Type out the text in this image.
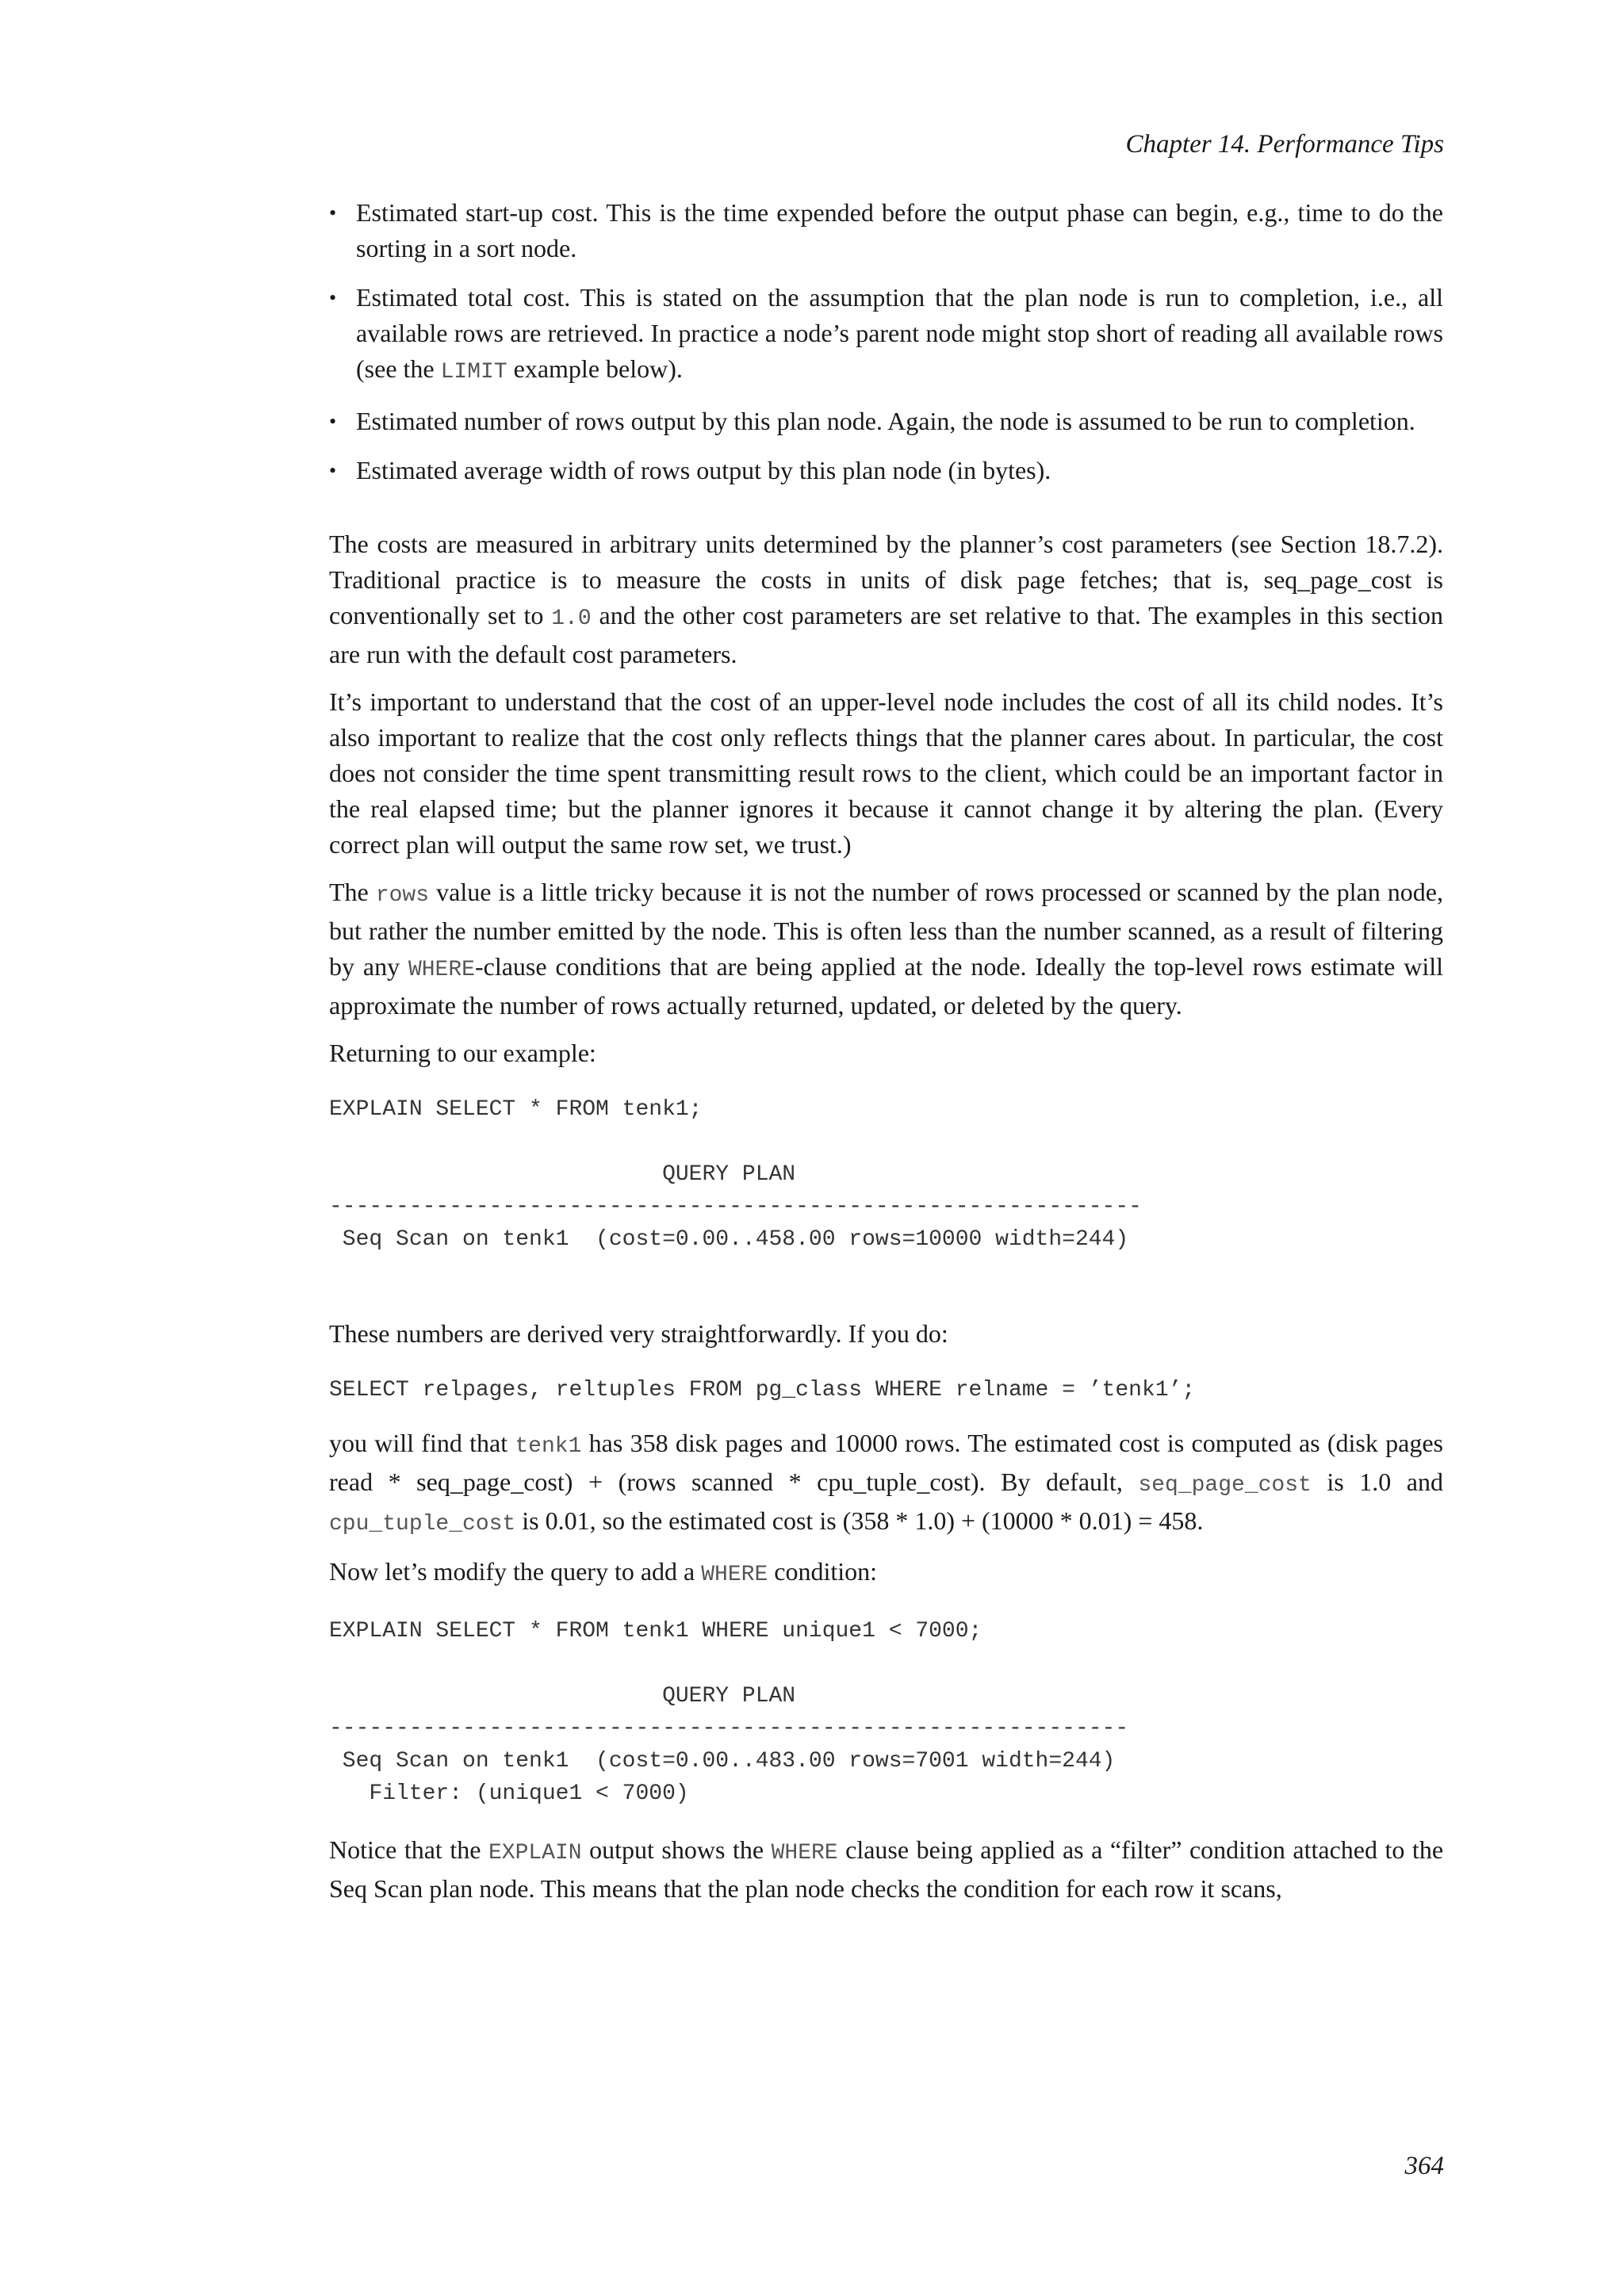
Chapter 14. Performance Tips
• Estimated start-up cost. This is the time expended before the output phase can begin, e.g., time to do the sorting in a sort node.
• Estimated total cost. This is stated on the assumption that the plan node is run to completion, i.e., all available rows are retrieved. In practice a node’s parent node might stop short of reading all available rows (see the LIMIT example below).
• Estimated number of rows output by this plan node. Again, the node is assumed to be run to completion.
• Estimated average width of rows output by this plan node (in bytes).

The costs are measured in arbitrary units determined by the planner’s cost parameters (see Section 18.7.2). Traditional practice is to measure the costs in units of disk page fetches; that is, seq_page_cost is conventionally set to 1.0 and the other cost parameters are set relative to that. The examples in this section are run with the default cost parameters.

It’s important to understand that the cost of an upper-level node includes the cost of all its child nodes. It’s also important to realize that the cost only reflects things that the planner cares about. In particular, the cost does not consider the time spent transmitting result rows to the client, which could be an important factor in the real elapsed time; but the planner ignores it because it cannot change it by altering the plan. (Every correct plan will output the same row set, we trust.)

The rows value is a little tricky because it is not the number of rows processed or scanned by the plan node, but rather the number emitted by the node. This is often less than the number scanned, as a result of filtering by any WHERE-clause conditions that are being applied at the node. Ideally the top-level rows estimate will approximate the number of rows actually returned, updated, or deleted by the query.

Returning to our example:

EXPLAIN SELECT * FROM tenk1;

QUERY PLAN
-------------------------------------------------------------
Seq Scan on tenk1  (cost=0.00..458.00 rows=10000 width=244)

These numbers are derived very straightforwardly. If you do:

SELECT relpages, reltuples FROM pg_class WHERE relname = ’tenk1’;

you will find that tenk1 has 358 disk pages and 10000 rows. The estimated cost is computed as (disk pages read * seq_page_cost) + (rows scanned * cpu_tuple_cost). By default, seq_page_cost is 1.0 and cpu_tuple_cost is 0.01, so the estimated cost is (358 * 1.0) + (10000 * 0.01) = 458.

Now let’s modify the query to add a WHERE condition:

EXPLAIN SELECT * FROM tenk1 WHERE unique1 < 7000;

QUERY PLAN
------------------------------------------------------------
Seq Scan on tenk1  (cost=0.00..483.00 rows=7001 width=244)
Filter: (unique1 < 7000)

Notice that the EXPLAIN output shows the WHERE clause being applied as a “filter” condition attached to the Seq Scan plan node. This means that the plan node checks the condition for each row it scans,

364
